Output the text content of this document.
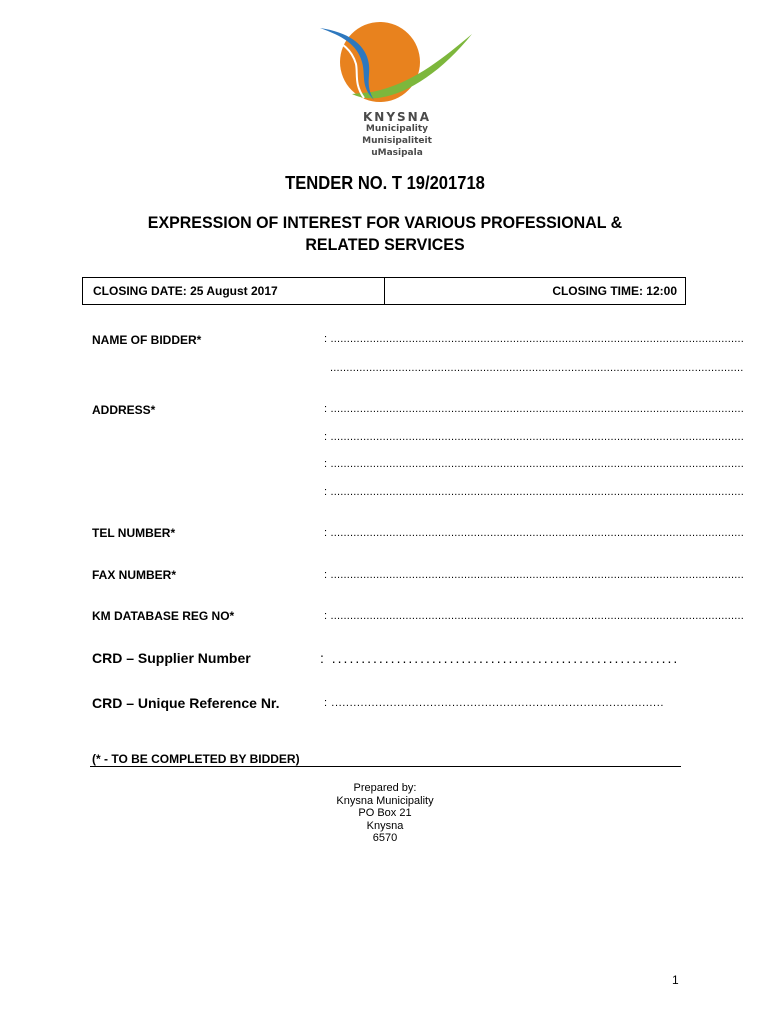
KNYSNA
Municipality
Munisipaliteit
uMasipala
TENDER NO. T 19/201718
EXPRESSION OF INTEREST FOR VARIOUS PROFESSIONAL &
RELATED SERVICES
CLOSING DATE: 25 August 2017	CLOSING TIME: 12:00
NAME OF BIDDER*	: ...............................................................................................................................
...............................................................................................................................
ADDRESS*	: ...............................................................................................................................
: ...............................................................................................................................
: ...............................................................................................................................
: ...............................................................................................................................
TEL NUMBER*	: ...............................................................................................................................
FAX NUMBER*	: ...............................................................................................................................
KM DATABASE REG NO*	: ...............................................................................................................................
CRD – Supplier Number	: ...........................................................
CRD – Unique Reference Nr.	: ...........................................................................................
(* - TO BE COMPLETED BY BIDDER)
Prepared by:
Knysna Municipality
PO Box 21
Knysna
6570
1
